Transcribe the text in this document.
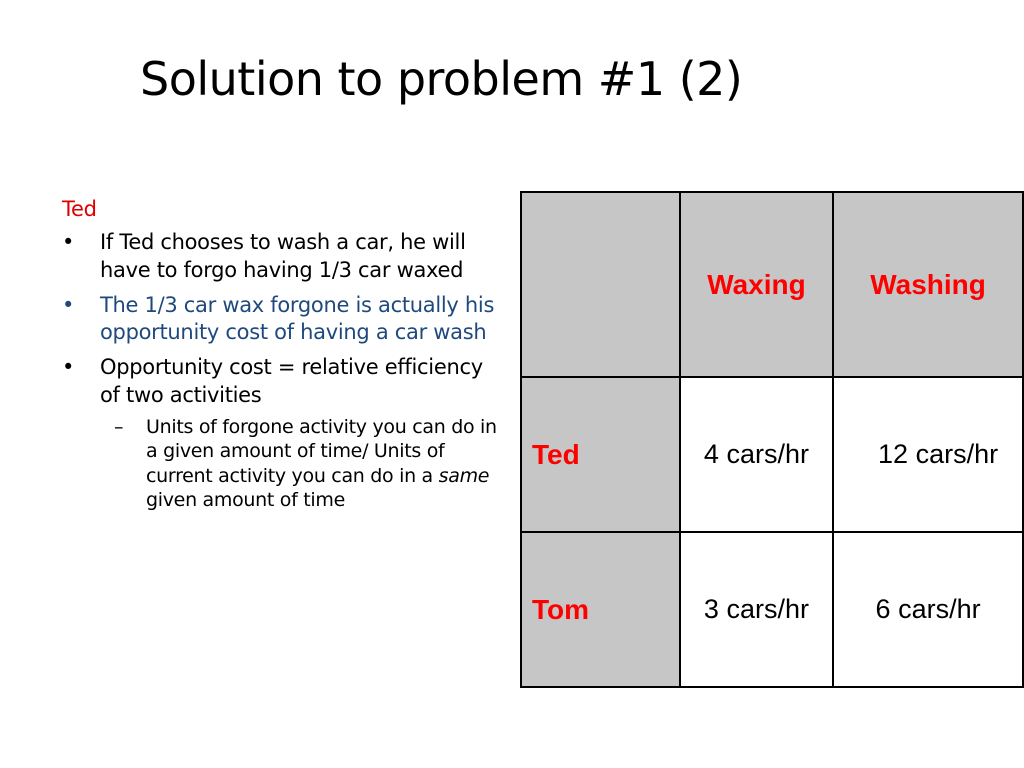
Solution to problem #1 (2)
Ted
• If Ted chooses to wash a car, he will have to forgo having 1/3 car waxed
• The 1/3 car wax forgone is actually his opportunity cost of having a car wash
• Opportunity cost = relative efficiency of two activities
– Units of forgone activity you can do in a given amount of time/ Units of current activity you can do in a same given amount of time
	Waxing	Washing
Ted	4 cars/hr	12 cars/hr
Tom	3 cars/hr	6 cars/hr
